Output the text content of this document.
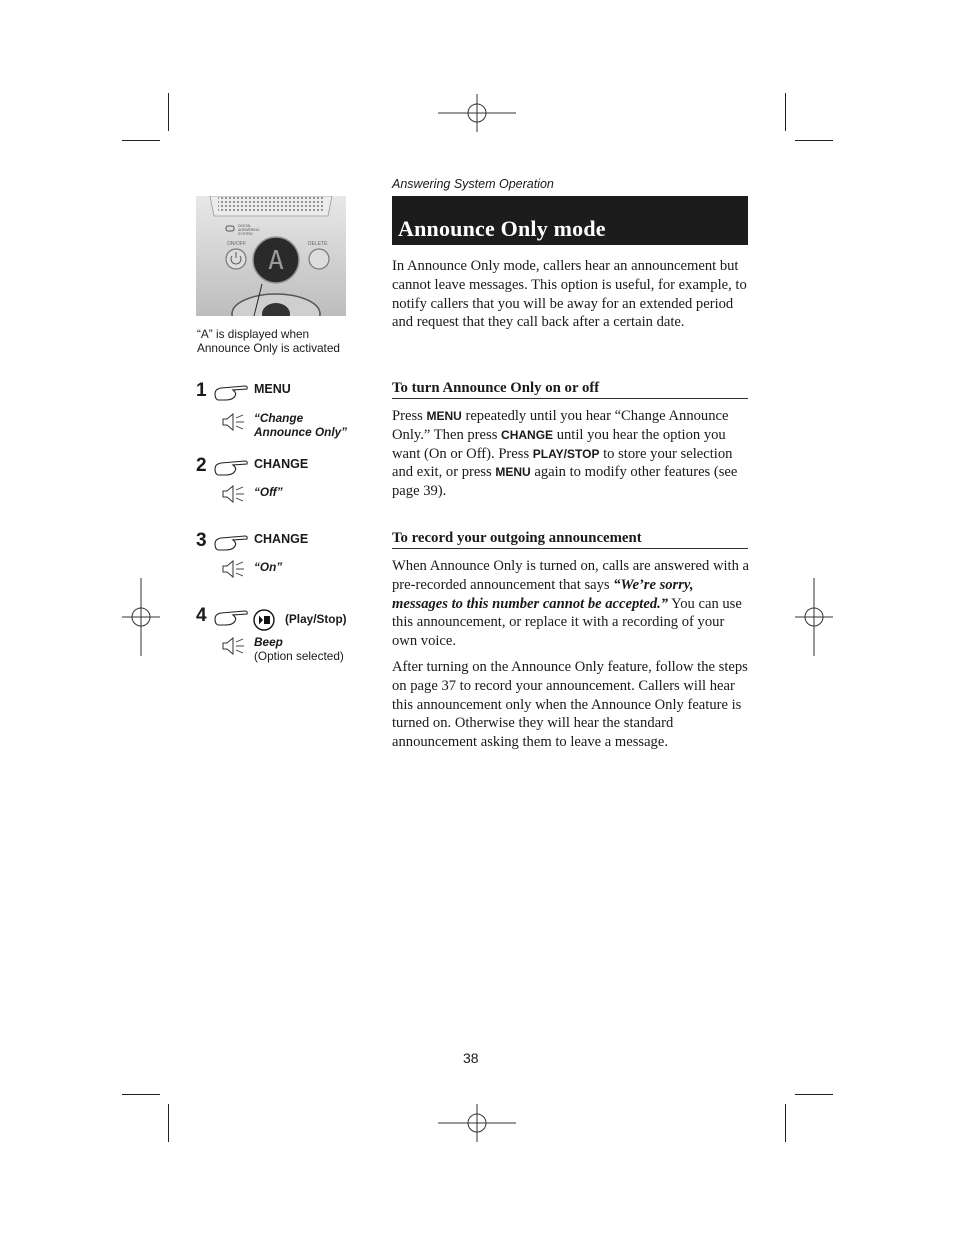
DIGITAL
ANSWERING
SYSTEM
ON/OFF	DELETE
A
“A” is displayed when Announce Only is activated
Answering System Operation
Announce Only mode
In Announce Only mode, callers hear an announcement but cannot leave messages. This option is useful, for example, to notify callers that you will be away for an extended period and request that they call back after a certain date.
To turn Announce Only on or off
Press MENU repeatedly until you hear “Change Announce Only.” Then press CHANGE until you hear the option you want (On or Off). Press PLAY/STOP to store your selection and exit, or press MENU again to modify other features (see page 39).
To record your outgoing announcement
When Announce Only is turned on, calls are answered with a pre-recorded announcement that says “We’re sorry, messages to this number cannot be accepted.” You can use this announcement, or replace it with a recording of your own voice.
After turning on the Announce Only feature, follow the steps on page 37 to record your announcement. Callers will hear this announcement only when the Announce Only feature is turned on. Otherwise they will hear the standard announcement asking them to leave a message.
1	MENU
“Change
Announce Only”
2	CHANGE
“Off”
3	CHANGE
“On”
4	(Play/Stop)
Beep
(Option selected)
38
